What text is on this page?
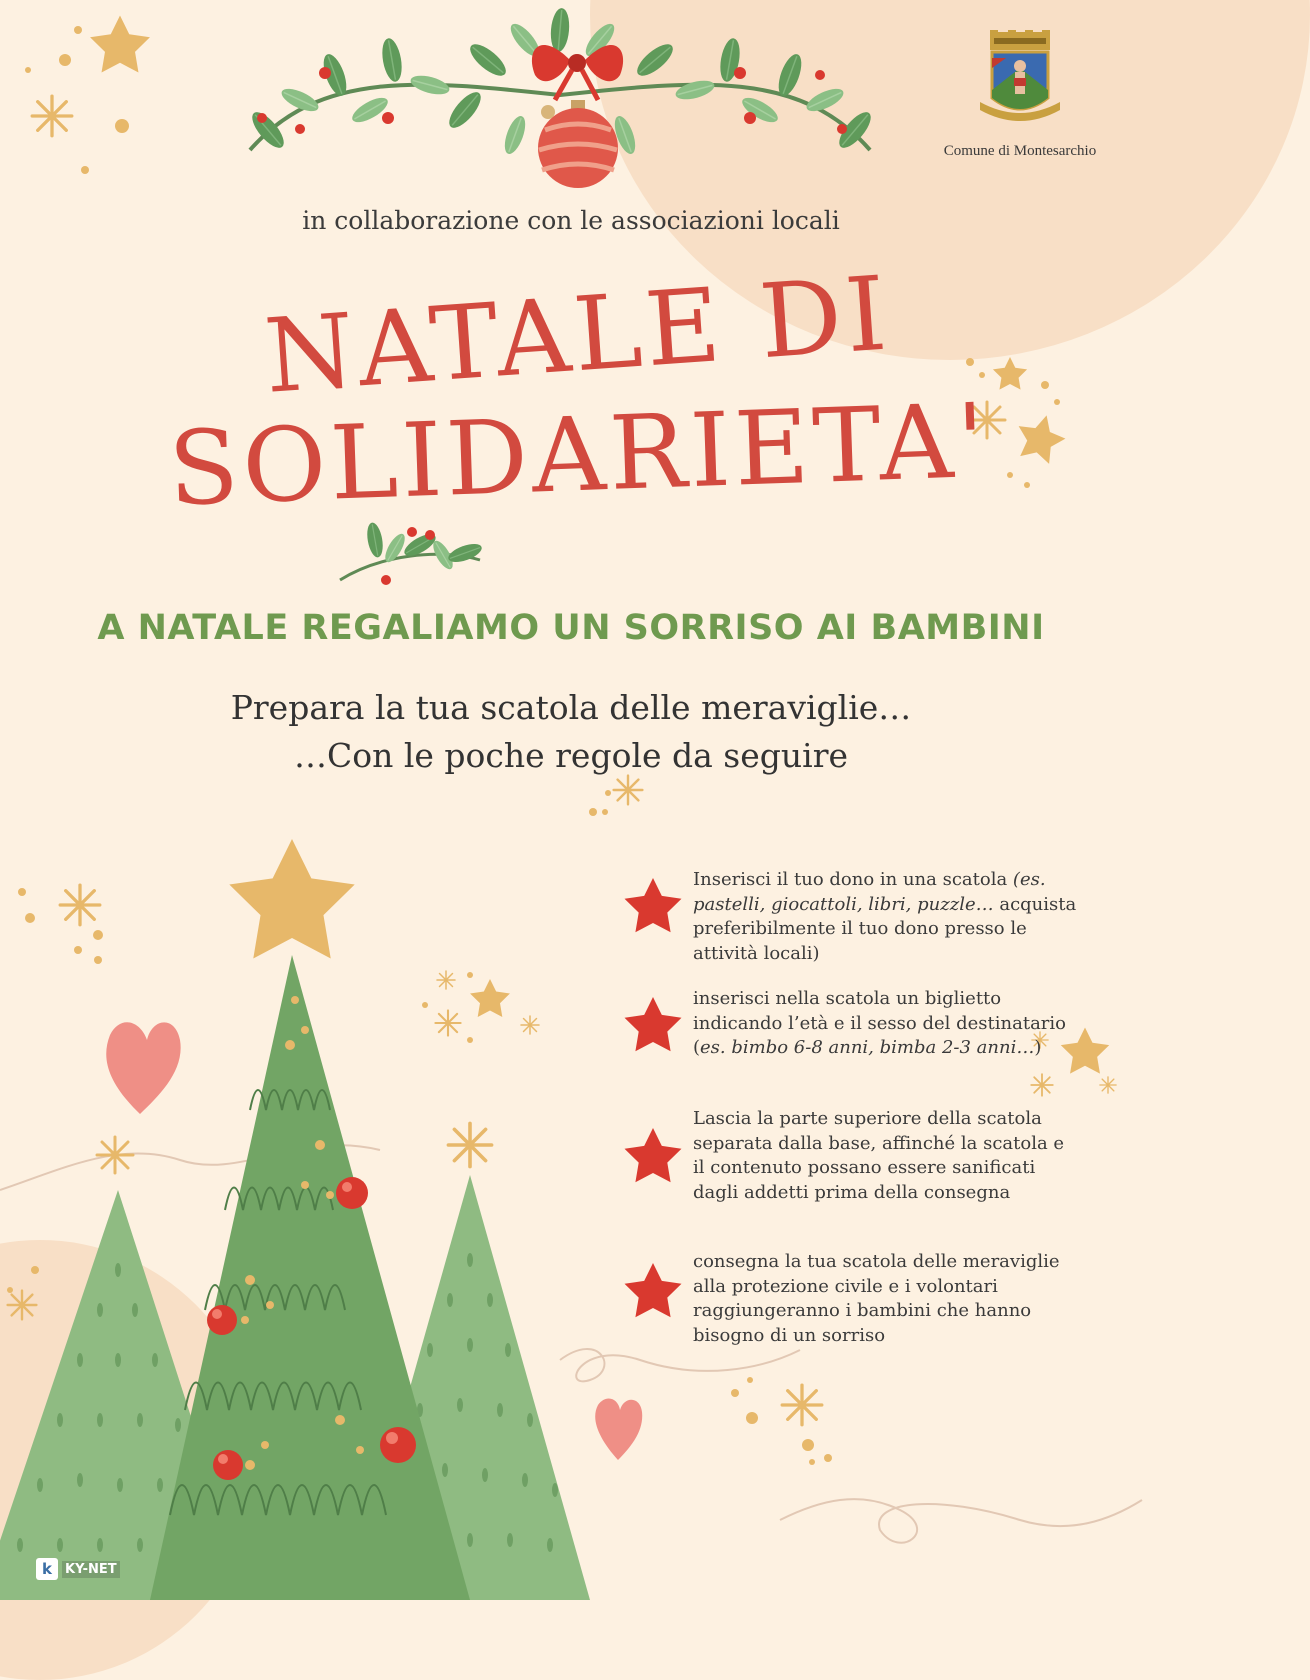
Comune di Montesarchio
in collaborazione con le associazioni locali
NATALE DI
SOLIDARIETA'
A NATALE REGALIAMO UN SORRISO AI BAMBINI
Prepara la tua scatola delle meraviglie…
…Con le poche regole da seguire
Inserisci il tuo dono in una scatola (es. pastelli, giocattoli, libri, puzzle… acquista preferibilmente il tuo dono presso le attività locali)
inserisci nella scatola un biglietto indicando l’età e il sesso del destinatario (es. bimbo 6-8 anni, bimba 2-3 anni…)
Lascia la parte superiore della scatola separata dalla base, affinché la scatola e il contenuto possano essere sanificati dagli addetti prima della consegna
consegna la tua scatola delle meraviglie alla protezione civile e i volontari raggiungeranno i bambini che hanno bisogno di un sorriso
k	KY-NET
